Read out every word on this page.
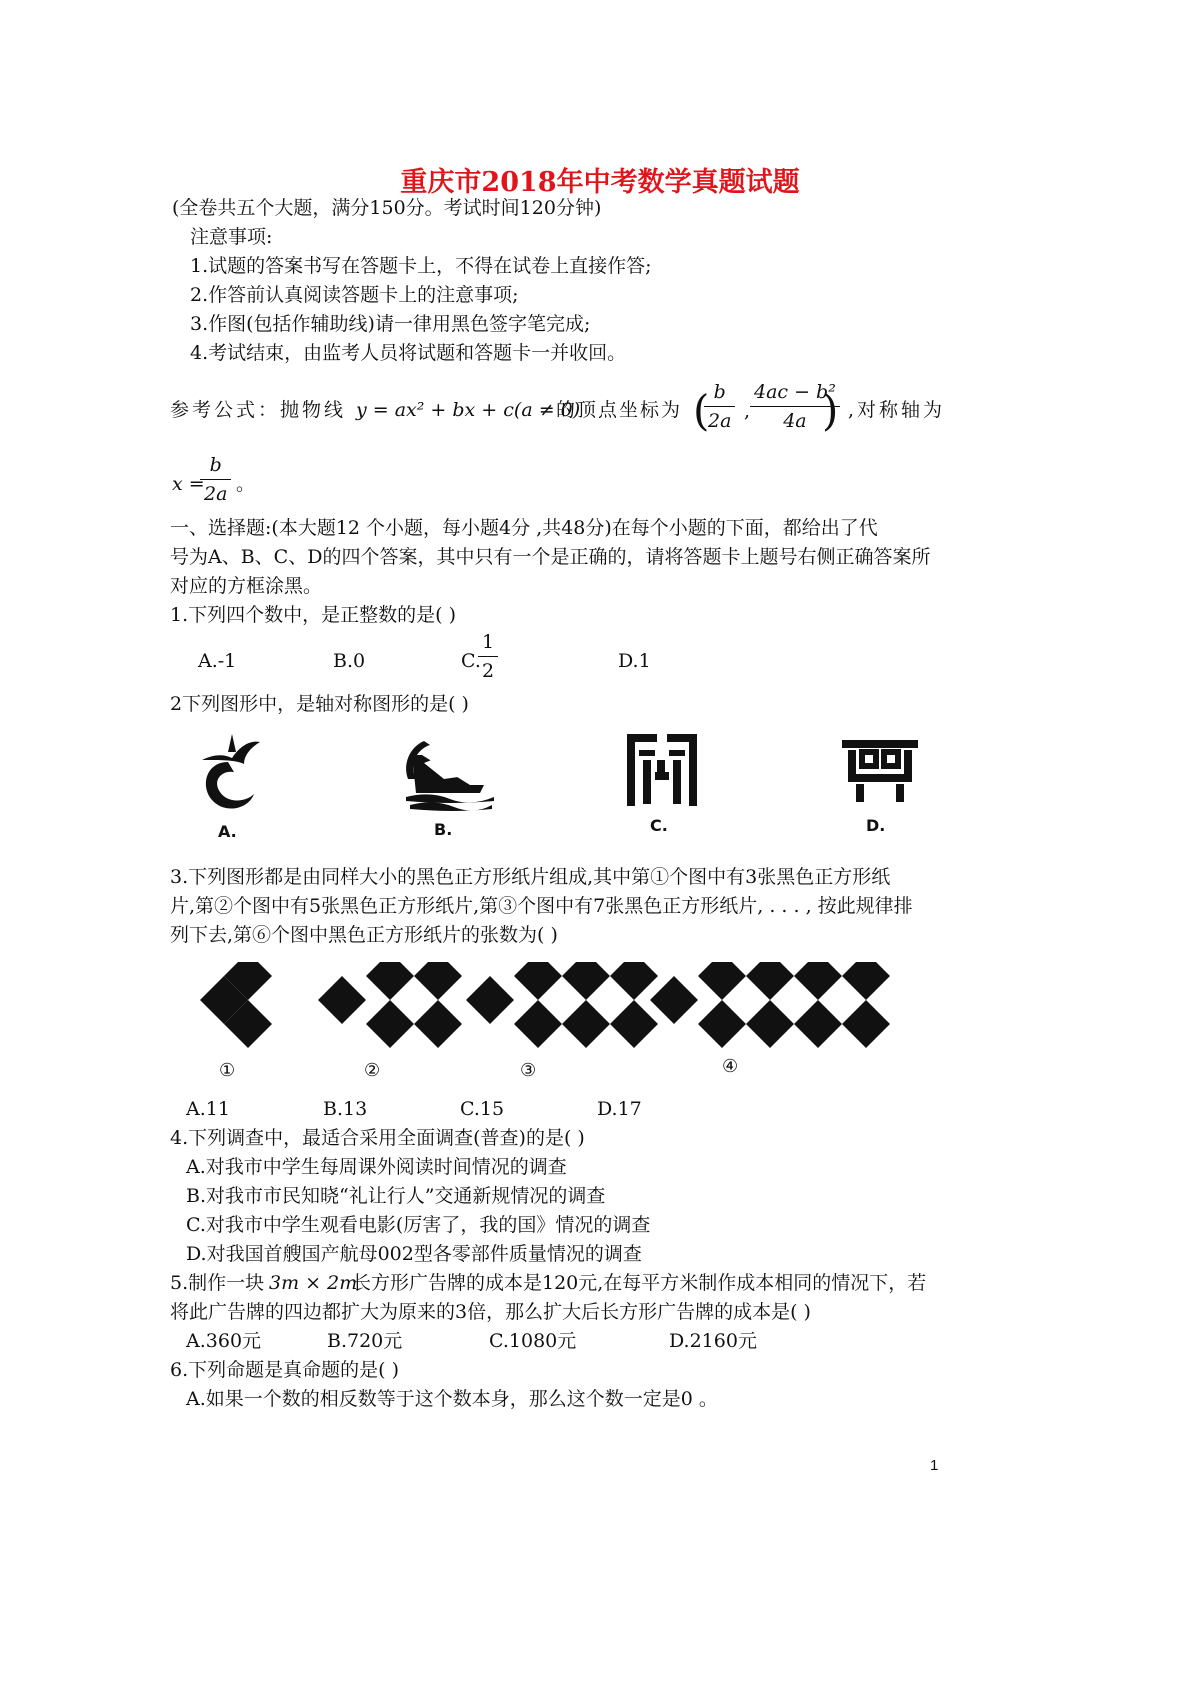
重庆市2018年中考数学真题试题
(全卷共五个大题，满分150分。考试时间120分钟)
注意事项:
1.试题的答案书写在答题卡上，不得在试卷上直接作答;
2.作答前认真阅读答题卡上的注意事项;
3.作图(包括作辅助线)请一律用黑色签字笔完成;
4.考试结束，由监考人员将试题和答题卡一并收回。
参考公式：抛物线 y = ax² + bx + c(a ≠ 0)
的顶点坐标为 (
$\frac{b}{2a}$ , $\frac{\text{4ac − b²}}{4a}$
) ,对称轴为
x =
$\frac{b}{2a}$ 。
一、选择题:(本大题12 个小题，每小题4分 ,共48分)在每个小题的下面，都给出了代
号为A、B、C、D的四个答案，其中只有一个是正确的，请将答题卡上题号右侧正确答案所
对应的方框涂黑。
1.下列四个数中，是正整数的是( )
A.-1	B.0	C.
$\frac{1}{2}$	D.1
2下列图形中，是轴对称图形的是( )
A.	B.	C.	D.
3.下列图形都是由同样大小的黑色正方形纸片组成,其中第①个图中有3张黑色正方形纸
片,第②个图中有5张黑色正方形纸片,第③个图中有7张黑色正方形纸片, . . . , 按此规律排
列下去,第⑥个图中黑色正方形纸片的张数为( )
①	②	③	④
…
A.11	B.13	C.15	D.17
4.下列调查中，最适合采用全面调查(普查)的是( )
A.对我市中学生每周课外阅读时间情况的调查
B.对我市市民知晓“礼让行人”交通新规情况的调查
C.对我市中学生观看电影(厉害了，我的国》情况的调查
D.对我国首艘国产航母002型各零部件质量情况的调查
5.制作一块 3m × 2m
长方形广告牌的成本是120元,在每平方米制作成本相同的情况下，若
将此广告牌的四边都扩大为原来的3倍，那么扩大后长方形广告牌的成本是( )
A.360元	B.720元	C.1080元	D.2160元
6.下列命题是真命题的是( )
A.如果一个数的相反数等于这个数本身，那么这个数一定是0 。
1
